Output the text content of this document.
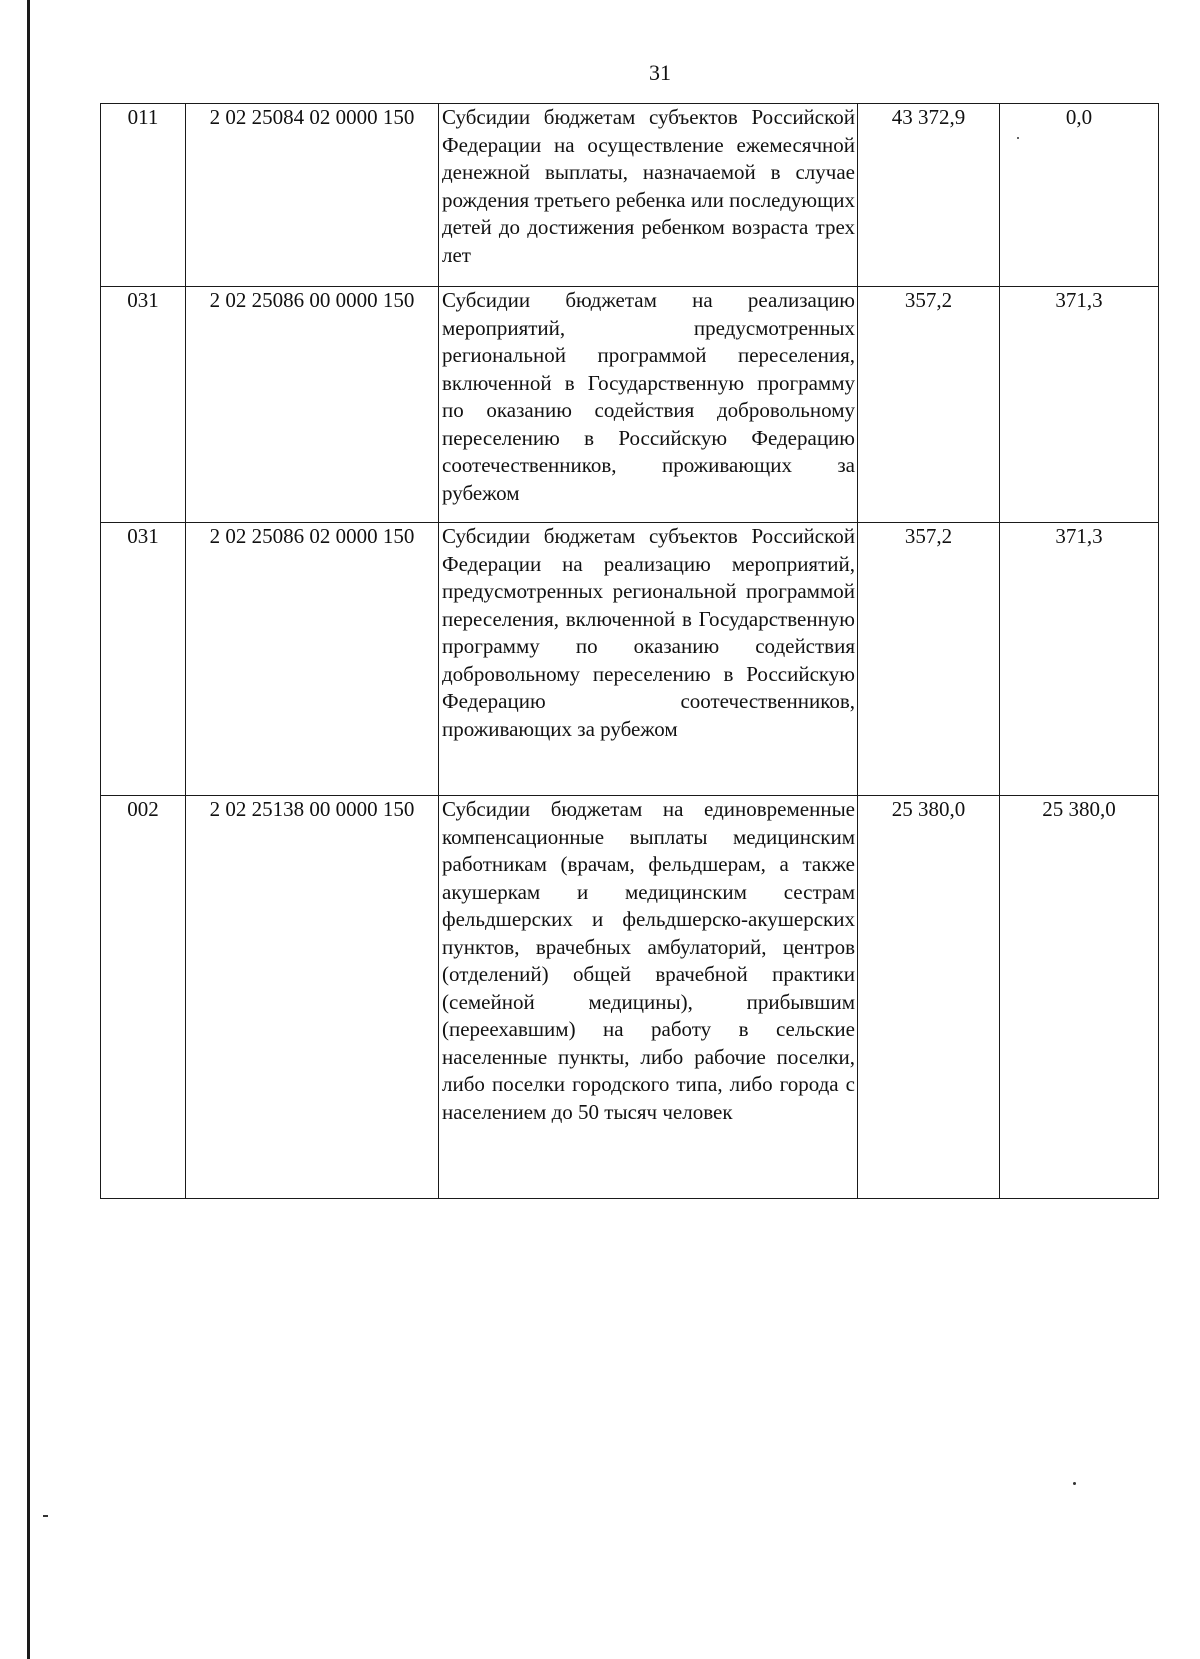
31
011	2 02 25084 02 0000 150	Субсидии бюджетам субъектов Российской Федерации на осуществление ежемесячной денежной выплаты, назначаемой в случае рождения третьего ребенка или последующих детей до достижения ребенком возраста трех лет	43 372,9	0,0
031	2 02 25086 00 0000 150	Субсидии бюджетам на реализацию мероприятий, предусмотренных региональной программой переселения, включенной в Государственную программу по оказанию содействия добровольному переселению в Российскую Федерацию соотечественников, проживающих за рубежом	357,2	371,3
031	2 02 25086 02 0000 150	Субсидии бюджетам субъектов Российской Федерации на реализацию мероприятий, предусмотренных региональной программой переселения, включенной в Государственную программу по оказанию содействия добровольному переселению в Российскую Федерацию соотечественников, проживающих за рубежом	357,2	371,3
002	2 02 25138 00 0000 150	Субсидии бюджетам на единовременные компенсационные выплаты медицинским работникам (врачам, фельдшерам, а также акушеркам и медицинским сестрам фельдшерских и фельдшерско-акушерских пунктов, врачебных амбулаторий, центров (отделений) общей врачебной практики (семейной медицины), прибывшим (переехавшим) на работу в сельские населенные пункты, либо рабочие поселки, либо поселки городского типа, либо города с населением до 50 тысяч человек	25 380,0	25 380,0
